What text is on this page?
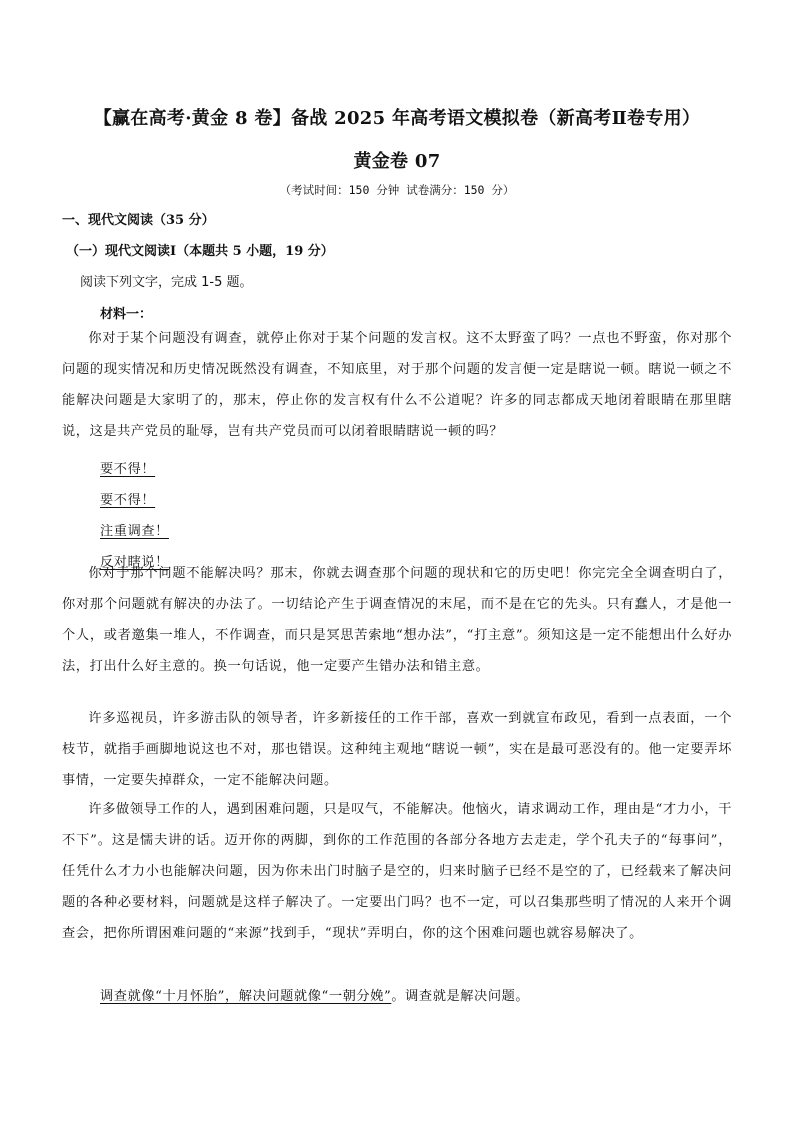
【赢在高考·黄金 8 卷】备战 2025 年高考语文模拟卷（新高考Ⅱ卷专用）
黄金卷 07
（考试时间：150 分钟 试卷满分：150 分）
一、现代文阅读（35 分）
（一）现代文阅读Ⅰ（本题共 5 小题，19 分）
阅读下列文字，完成 1-5 题。
材料一：
你对于某个问题没有调查，就停止你对于某个问题的发言权。这不太野蛮了吗？一点也不野蛮，你对那个问题的现实情况和历史情况既然没有调查，不知底里，对于那个问题的发言便一定是瞎说一顿。瞎说一顿之不能解决问题是大家明了的，那末，停止你的发言权有什么不公道呢？许多的同志都成天地闭着眼睛在那里瞎说，这是共产党员的耻辱，岂有共产党员而可以闭着眼睛瞎说一顿的吗？
要不得！
要不得！
注重调查！
反对瞎说！
你对于那个问题不能解决吗？那末，你就去调查那个问题的现状和它的历史吧！你完完全全调查明白了，你对那个问题就有解决的办法了。一切结论产生于调查情况的末尾，而不是在它的先头。只有蠢人，才是他一个人，或者邀集一堆人，不作调查，而只是冥思苦索地“想办法”，“打主意”。须知这是一定不能想出什么好办法，打出什么好主意的。换一句话说，他一定要产生错办法和错主意。
许多巡视员，许多游击队的领导者，许多新接任的工作干部，喜欢一到就宣布政见，看到一点表面，一个枝节，就指手画脚地说这也不对，那也错误。这种纯主观地“瞎说一顿”，实在是最可恶没有的。他一定要弄坏事情，一定要失掉群众，一定不能解决问题。
许多做领导工作的人，遇到困难问题，只是叹气，不能解决。他恼火，请求调动工作，理由是“才力小，干不下”。这是懦夫讲的话。迈开你的两脚，到你的工作范围的各部分各地方去走走，学个孔夫子的“每事问”，任凭什么才力小也能解决问题，因为你未出门时脑子是空的，归来时脑子已经不是空的了，已经载来了解决问题的各种必要材料，问题就是这样子解决了。一定要出门吗？也不一定，可以召集那些明了情况的人来开个调查会，把你所谓困难问题的“来源”找到手，“现状”弄明白，你的这个困难问题也就容易解决了。
调查就像“十月怀胎”，解决问题就像“一朝分娩”。调查就是解决问题。
